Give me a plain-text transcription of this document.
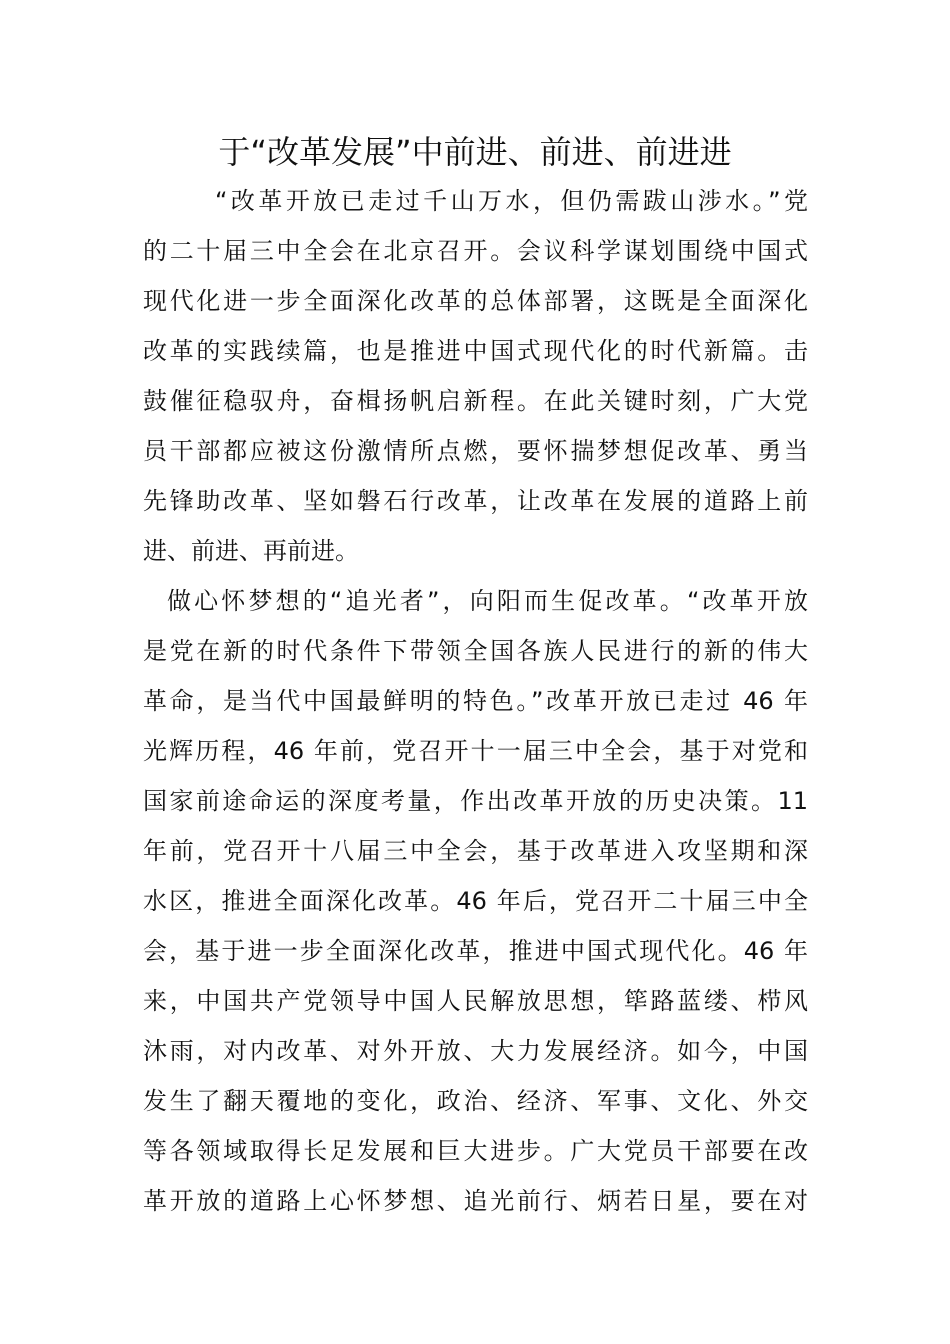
于“改革发展”中前进、前进、前进进
“改革开放已走过千山万水，但仍需跋山涉水。”党
的二十届三中全会在北京召开。会议科学谋划围绕中国式
现代化进一步全面深化改革的总体部署，这既是全面深化
改革的实践续篇，也是推进中国式现代化的时代新篇。击
鼓催征稳驭舟，奋楫扬帆启新程。在此关键时刻，广大党
员干部都应被这份激情所点燃，要怀揣梦想促改革、勇当
先锋助改革、坚如磐石行改革，让改革在发展的道路上前
进、前进、再前进。
做心怀梦想的“追光者”，向阳而生促改革。“改革开放
是党在新的时代条件下带领全国各族人民进行的新的伟大
革命，是当代中国最鲜明的特色。”改革开放已走过 46 年
光辉历程，46 年前，党召开十一届三中全会，基于对党和
国家前途命运的深度考量，作出改革开放的历史决策。11
年前，党召开十八届三中全会，基于改革进入攻坚期和深
水区，推进全面深化改革。46 年后，党召开二十届三中全
会，基于进一步全面深化改革，推进中国式现代化。46 年
来，中国共产党领导中国人民解放思想，筚路蓝缕、栉风
沐雨，对内改革、对外开放、大力发展经济。如今，中国
发生了翻天覆地的变化，政治、经济、军事、文化、外交
等各领域取得长足发展和巨大进步。广大党员干部要在改
革开放的道路上心怀梦想、追光前行、炳若日星，要在对
